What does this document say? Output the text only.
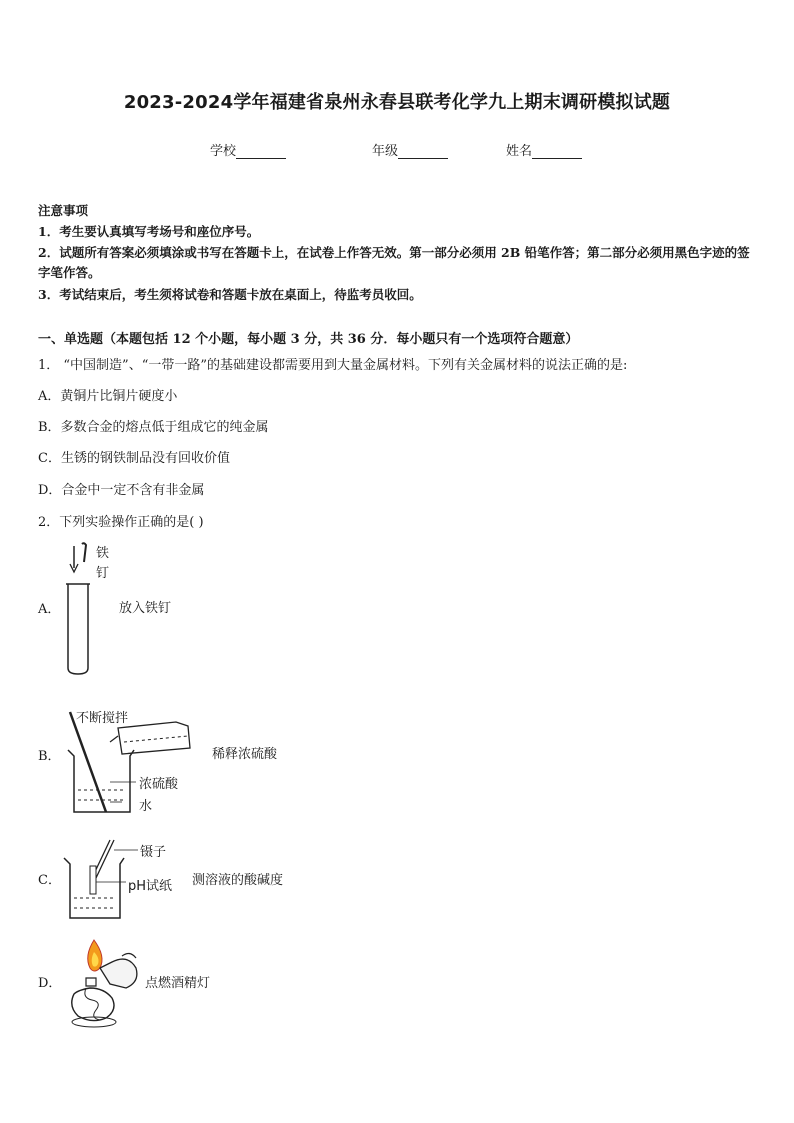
2023-2024学年福建省泉州永春县联考化学九上期末调研模拟试题
学校	年级	姓名
注意事项
1．考生要认真填写考场号和座位序号。
2．试题所有答案必须填涂或书写在答题卡上，在试卷上作答无效。第一部分必须用 2B 铅笔作答；第二部分必须用黑色字迹的签字笔作答。
3．考试结束后，考生须将试卷和答题卡放在桌面上，待监考员收回。
一、单选题（本题包括 12 个小题，每小题 3 分，共 36 分．每小题只有一个选项符合题意）
1． “中国制造”、“一带一路”的基础建设都需要用到大量金属材料。下列有关金属材料的说法正确的是:
A．黄铜片比铜片硬度小
B．多数合金的熔点低于组成它的纯金属
C．生锈的钢铁制品没有回收价值
D．合金中一定不含有非金属
2．下列实验操作正确的是( )
A．
铁
钉
放入铁钉
B．
不断搅拌
浓硫酸
水
稀释浓硫酸
C．
镊子
pH试纸 测溶液的酸碱度
D．	点燃酒精灯
